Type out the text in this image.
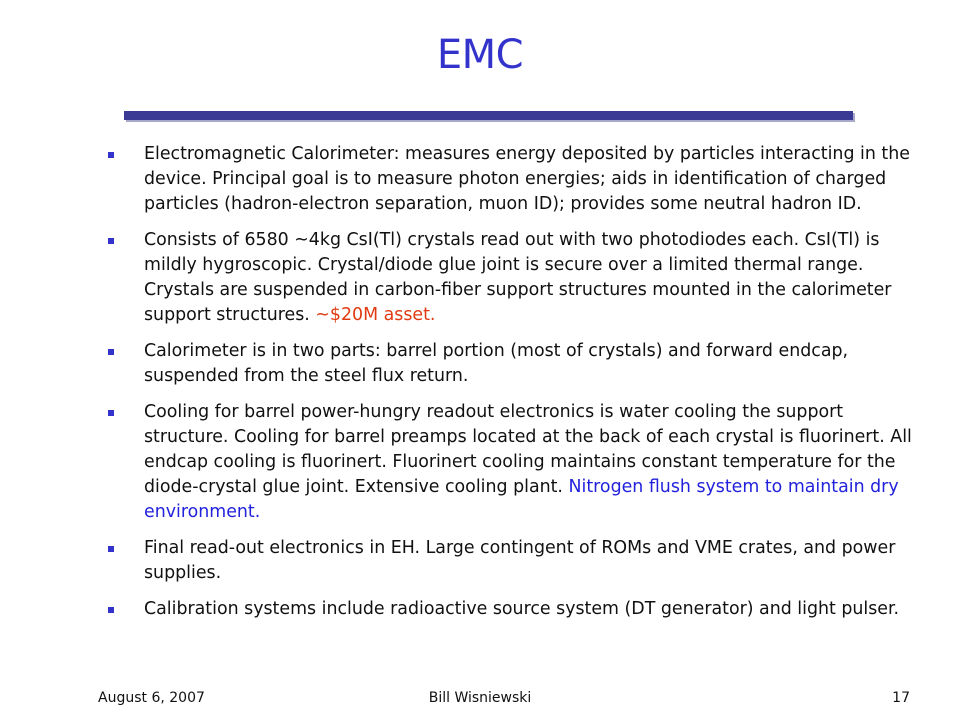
EMC
Electromagnetic Calorimeter: measures energy deposited by particles interacting in the device. Principal goal is to measure photon energies; aids in identification of charged particles (hadron-electron separation, muon ID); provides some neutral hadron ID.
Consists of 6580 ~4kg CsI(Tl) crystals read out with two photodiodes each. CsI(Tl) is mildly hygroscopic. Crystal/diode glue joint is secure over a limited thermal range. Crystals are suspended in carbon-fiber support structures mounted in the calorimeter support structures. ~$20M asset.
Calorimeter is in two parts: barrel portion (most of crystals) and forward endcap, suspended from the steel flux return.
Cooling for barrel power-hungry readout electronics is water cooling the support structure. Cooling for barrel preamps located at the back of each crystal is fluorinert. All endcap cooling is fluorinert. Fluorinert cooling maintains constant temperature for the diode-crystal glue joint. Extensive cooling plant. Nitrogen flush system to maintain dry environment.
Final read-out electronics in EH. Large contingent of ROMs and VME crates, and power supplies.
Calibration systems include radioactive source system (DT generator) and light pulser.
August 6, 2007	Bill Wisniewski	17
